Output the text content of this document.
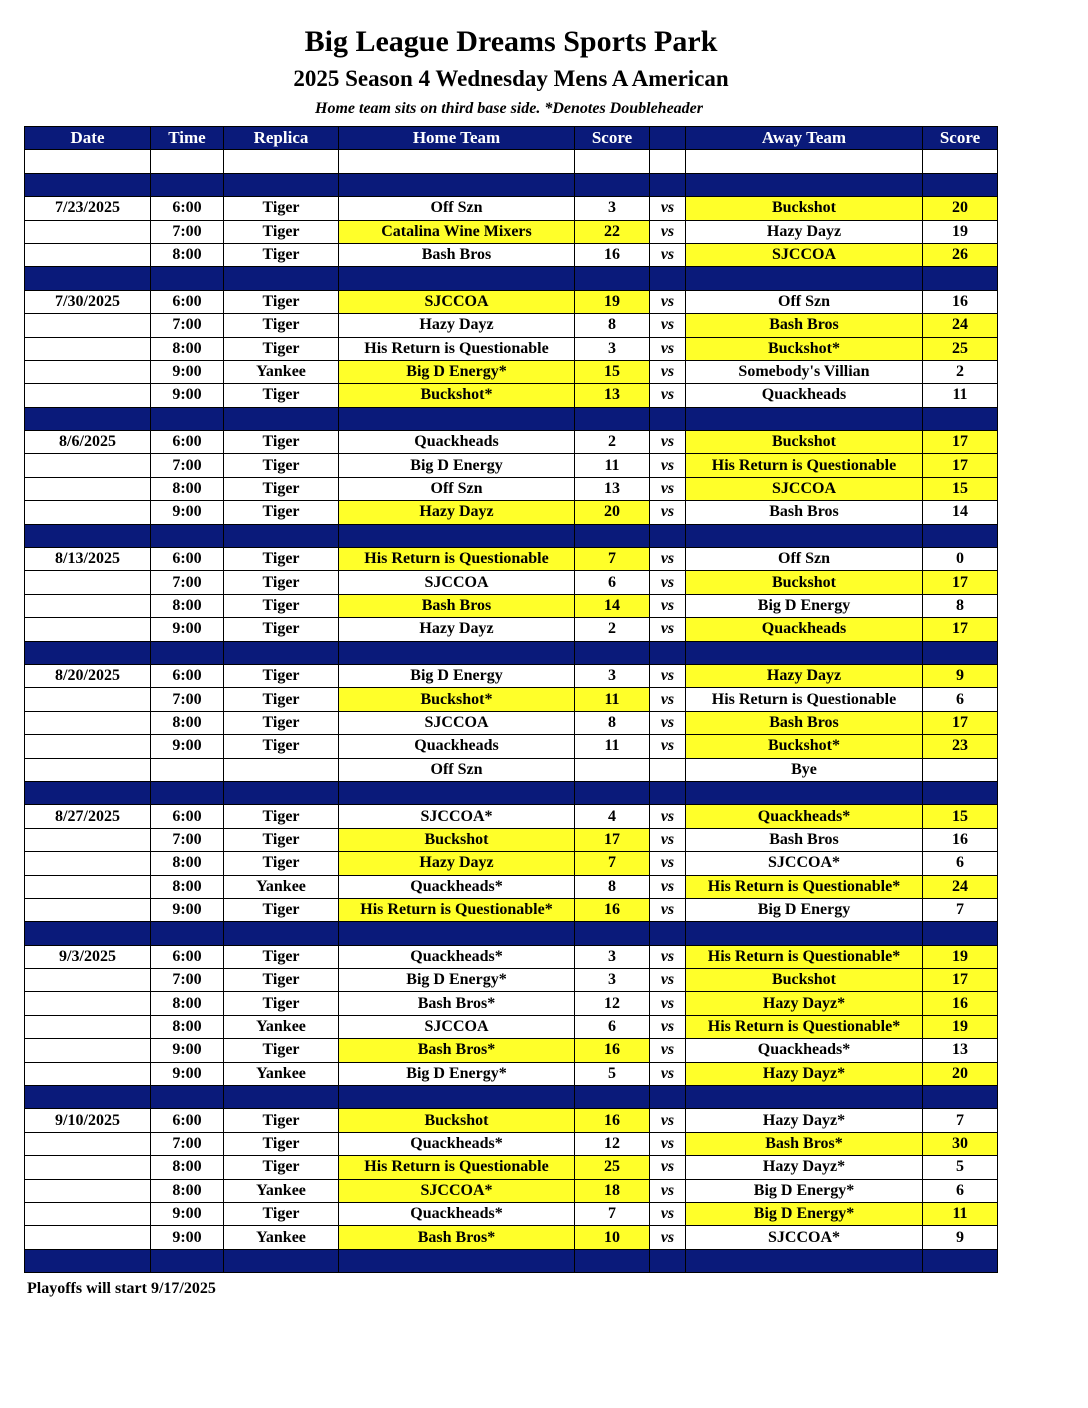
Big League Dreams Sports Park
2025 Season 4 Wednesday Mens A American
Home team sits on third base side. *Denotes Doubleheader
Date	Time	Replica	Home Team	Score		Away Team	Score

7/23/2025	6:00	Tiger	Off Szn	3	vs	Buckshot	20
	7:00	Tiger	Catalina Wine Mixers	22	vs	Hazy Dayz	19
	8:00	Tiger	Bash Bros	16	vs	SJCCOA	26

7/30/2025	6:00	Tiger	SJCCOA	19	vs	Off Szn	16
	7:00	Tiger	Hazy Dayz	8	vs	Bash Bros	24
	8:00	Tiger	His Return is Questionable	3	vs	Buckshot*	25
	9:00	Yankee	Big D Energy*	15	vs	Somebody's Villian	2
	9:00	Tiger	Buckshot*	13	vs	Quackheads	11

8/6/2025	6:00	Tiger	Quackheads	2	vs	Buckshot	17
	7:00	Tiger	Big D Energy	11	vs	His Return is Questionable	17
	8:00	Tiger	Off Szn	13	vs	SJCCOA	15
	9:00	Tiger	Hazy Dayz	20	vs	Bash Bros	14

8/13/2025	6:00	Tiger	His Return is Questionable	7	vs	Off Szn	0
	7:00	Tiger	SJCCOA	6	vs	Buckshot	17
	8:00	Tiger	Bash Bros	14	vs	Big D Energy	8
	9:00	Tiger	Hazy Dayz	2	vs	Quackheads	17

8/20/2025	6:00	Tiger	Big D Energy	3	vs	Hazy Dayz	9
	7:00	Tiger	Buckshot*	11	vs	His Return is Questionable	6
	8:00	Tiger	SJCCOA	8	vs	Bash Bros	17
	9:00	Tiger	Quackheads	11	vs	Buckshot*	23
			Off Szn			Bye	

8/27/2025	6:00	Tiger	SJCCOA*	4	vs	Quackheads*	15
	7:00	Tiger	Buckshot	17	vs	Bash Bros	16
	8:00	Tiger	Hazy Dayz	7	vs	SJCCOA*	6
	8:00	Yankee	Quackheads*	8	vs	His Return is Questionable*	24
	9:00	Tiger	His Return is Questionable*	16	vs	Big D Energy	7

9/3/2025	6:00	Tiger	Quackheads*	3	vs	His Return is Questionable*	19
	7:00	Tiger	Big D Energy*	3	vs	Buckshot	17
	8:00	Tiger	Bash Bros*	12	vs	Hazy Dayz*	16
	8:00	Yankee	SJCCOA	6	vs	His Return is Questionable*	19
	9:00	Tiger	Bash Bros*	16	vs	Quackheads*	13
	9:00	Yankee	Big D Energy*	5	vs	Hazy Dayz*	20

9/10/2025	6:00	Tiger	Buckshot	16	vs	Hazy Dayz*	7
	7:00	Tiger	Quackheads*	12	vs	Bash Bros*	30
	8:00	Tiger	His Return is Questionable	25	vs	Hazy Dayz*	5
	8:00	Yankee	SJCCOA*	18	vs	Big D Energy*	6
	9:00	Tiger	Quackheads*	7	vs	Big D Energy*	11
	9:00	Yankee	Bash Bros*	10	vs	SJCCOA*	9

Playoffs will start 9/17/2025
